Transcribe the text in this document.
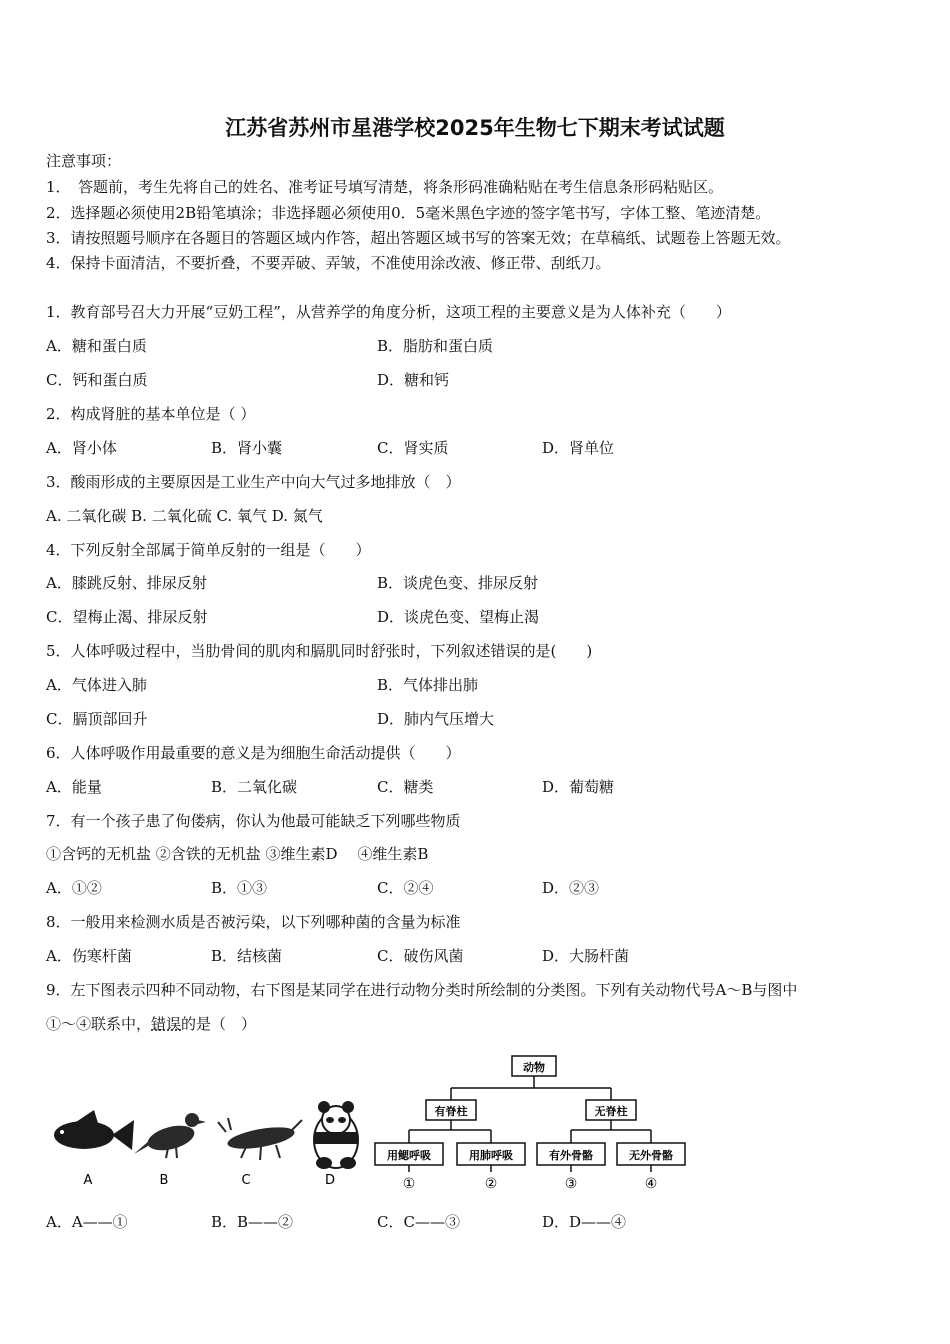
江苏省苏州市星港学校2025年生物七下期末考试试题
注意事项：
1．　答题前，考生先将自己的姓名、准考证号填写清楚，将条形码准确粘贴在考生信息条形码粘贴区。
2．选择题必须使用2B铅笔填涂；非选择题必须使用0．5毫米黑色字迹的签字笔书写，字体工整、笔迹清楚。
3．请按照题号顺序在各题目的答题区域内作答，超出答题区域书写的答案无效；在草稿纸、试题卷上答题无效。
4．保持卡面清洁，不要折叠，不要弄破、弄皱，不准使用涂改液、修正带、刮纸刀。
1．教育部号召大力开展“豆奶工程”，从营养学的角度分析，这项工程的主要意义是为人体补充（　　）
A．糖和蛋白质	B．脂肪和蛋白质
C．钙和蛋白质	D．糖和钙
2．构成肾脏的基本单位是（ ）
A．肾小体	B．肾小囊	C．肾实质	D．肾单位
3．酸雨形成的主要原因是工业生产中向大气过多地排放（　）
A. 二氧化碳 B. 二氧化硫 C. 氧气 D. 氮气
4．下列反射全部属于简单反射的一组是（　　）
A．膝跳反射、排尿反射	B．谈虎色变、排尿反射
C．望梅止渴、排尿反射	D．谈虎色变、望梅止渴
5．人体呼吸过程中，当肋骨间的肌肉和膈肌同时舒张时，下列叙述错误的是(　　)
A．气体进入肺	B．气体排出肺
C．膈顶部回升	D．肺内气压增大
6．人体呼吸作用最重要的意义是为细胞生命活动提供（　　）
A．能量	B．二氧化碳	C．糖类	D．葡萄糖
7．有一个孩子患了佝偻病，你认为他最可能缺乏下列哪些物质
①含钙的无机盐 ②含铁的无机盐 ③维生素D 　④维生素B
A．①②	B．①③	C．②④	D．②③
8．一般用来检测水质是否被污染，以下列哪种菌的含量为标准
A．伤寒杆菌	B．结核菌	C．破伤风菌	D．大肠杆菌
9．左下图表示四种不同动物，右下图是某同学在进行动物分类时所绘制的分类图。下列有关动物代号A～B与图中
①～④联系中，错误的是（　）
A	B	C	D
动物
有脊柱	无脊柱
用鳃呼吸	用肺呼吸	有外骨骼	无外骨骼
①	②	③	④
A．A——①	B．B——②	C．C——③	D．D——④
